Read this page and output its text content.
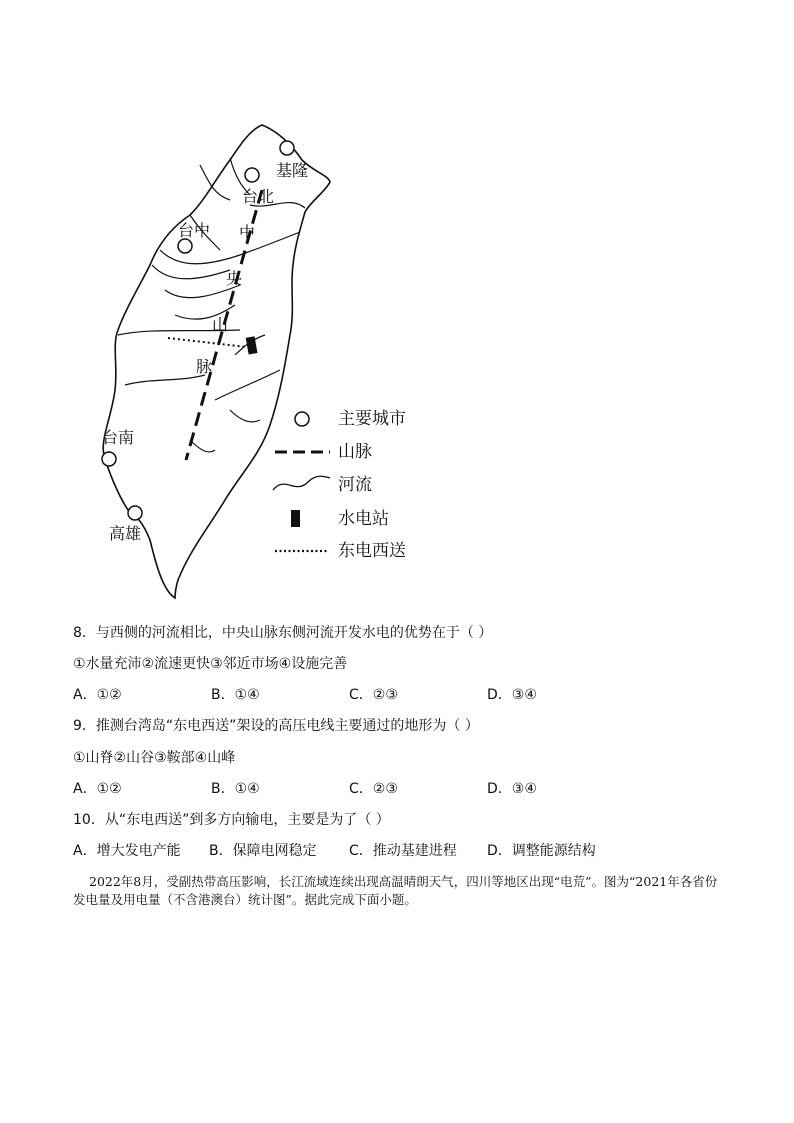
基隆
台北
台中
台南
高雄
中
央
山
脉
主要城市
山脉
河流
水电站
东电西送
8．与西侧的河流相比，中央山脉东侧河流开发水电的优势在于（ ）
①水量充沛②流速更快③邻近市场④设施完善
A．①②	B．①④	C．②③	D．③④
9．推测台湾岛“东电西送”架设的高压电线主要通过的地形为（ ）
①山脊②山谷③鞍部④山峰
A．①②	B．①④	C．②③	D．③④
10．从“东电西送”到多方向输电，主要是为了（ ）
A．增大发电产能 B．保障电网稳定 C．推动基建进程 D．调整能源结构
2022年8月，受副热带高压影响，长江流域连续出现高温晴朗天气，四川等地区出现“电荒”。图为“2021年各省份发电量及用电量（不含港澳台）统计图”。据此完成下面小题。
